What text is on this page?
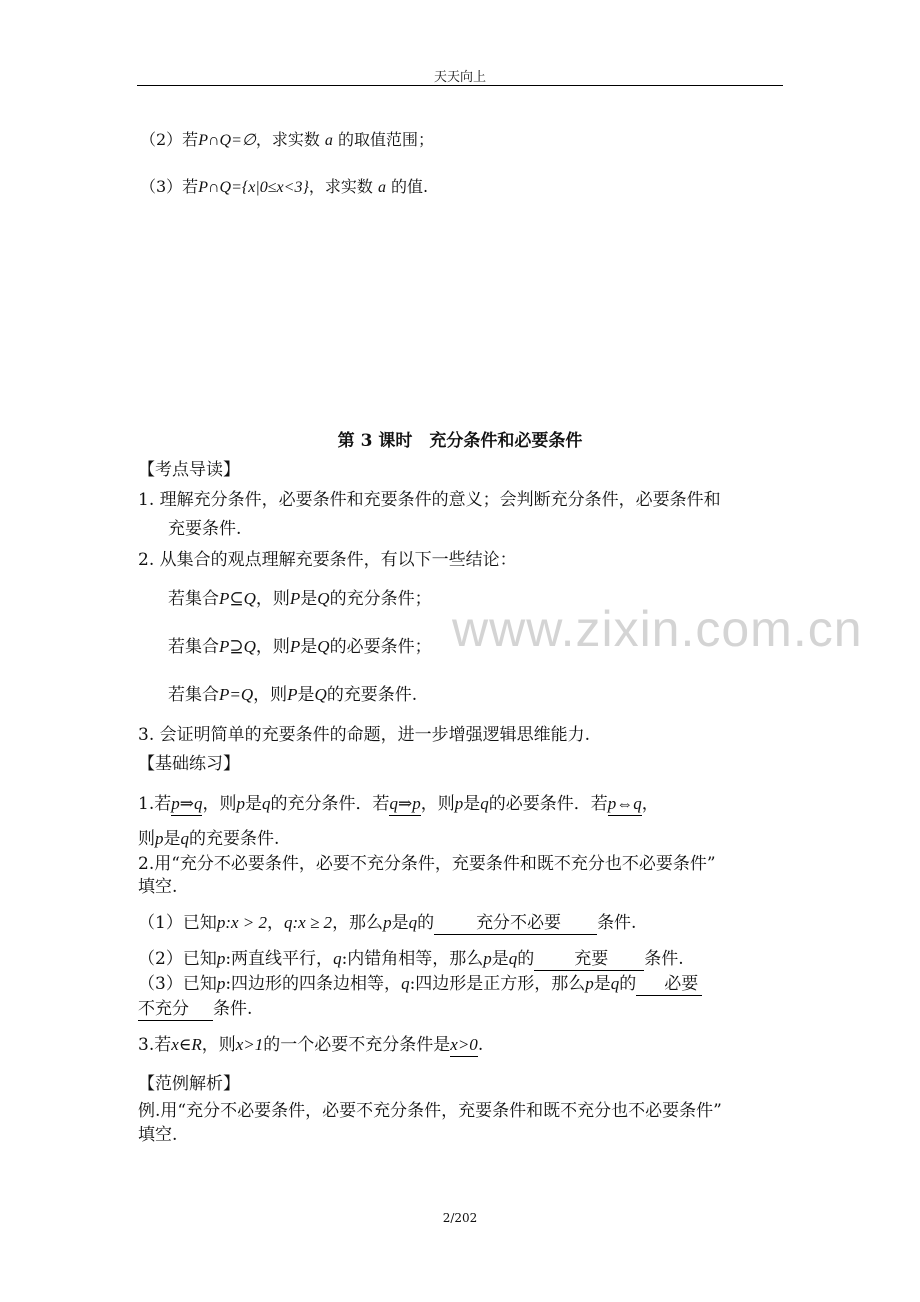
天天向上
（2）若P∩Q=∅，求实数 a 的取值范围；
（3）若P∩Q={x|0≤x<3}，求实数 a 的值.
第 3 课时　充分条件和必要条件
【考点导读】
1. 理解充分条件，必要条件和充要条件的意义；会判断充分条件，必要条件和
充要条件.
2. 从集合的观点理解充要条件，有以下一些结论：
若集合P⊆Q，则P是Q的充分条件；
若集合P⊇Q，则P是Q的必要条件；
若集合P=Q，则P是Q的充要条件.
3. 会证明简单的充要条件的命题，进一步增强逻辑思维能力.
www.zixin.com.cn
【基础练习】
1.若p⇒q，则p是q的充分条件．若q⇒p，则p是q的必要条件．若p⇔q，
则p是q的充要条件.
2.用“充分不必要条件，必要不充分条件，充要条件和既不充分也不必要条件”
填空.
（1）已知p:x > 2，q:x ≥ 2，那么p是q的 充分不必要 条件.
（2）已知p:两直线平行，q:内错角相等，那么p是q的 充要 条件.
（3）已知p:四边形的四条边相等，q:四边形是正方形，那么p是q的 必要
不充分 条件.
3.若x∈R，则x>1的一个必要不充分条件是x>0.
【范例解析】
例.用“充分不必要条件，必要不充分条件，充要条件和既不充分也不必要条件”
填空.
2/202
